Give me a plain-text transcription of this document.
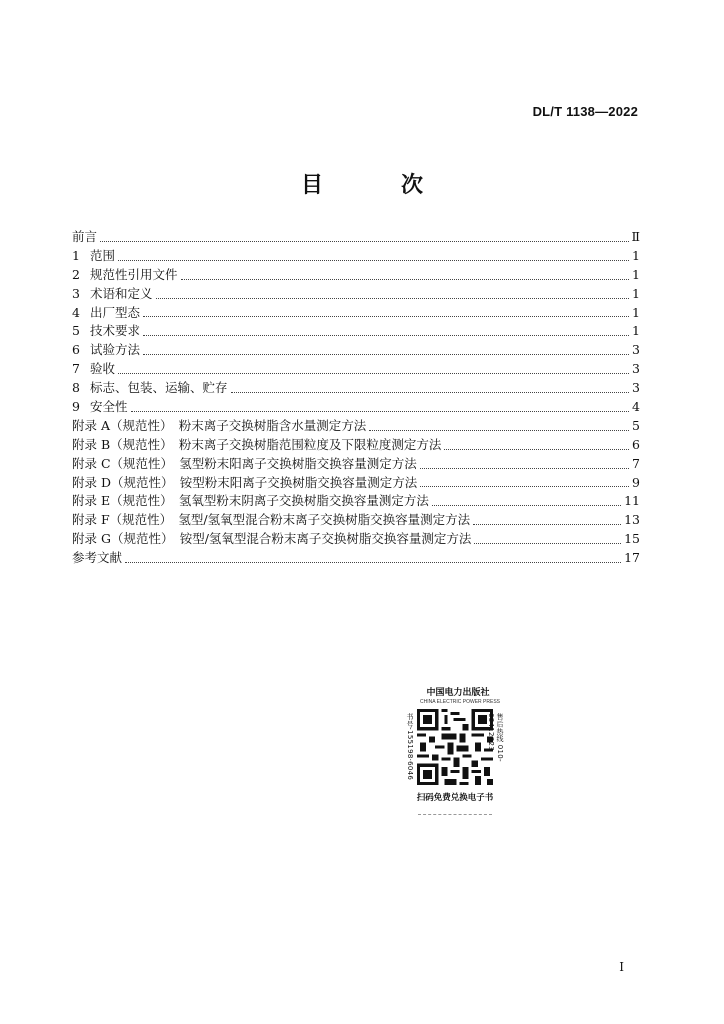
DL/T 1138—2022
目　次
前言	Ⅱ
1 范围	1
2 规范性引用文件	1
3 术语和定义	1
4 出厂型态	1
5 技术要求	1
6 试验方法	3
7 验收	3
8 标志、包装、运输、贮存	3
9 安全性	4
附录 A（规范性）　粉末离子交换树脂含水量测定方法	5
附录 B（规范性）　粉末离子交换树脂范围粒度及下限粒度测定方法	6
附录 C（规范性）　氢型粉末阳离子交换树脂交换容量测定方法	7
附录 D（规范性）　铵型粉末阳离子交换树脂交换容量测定方法	9
附录 E（规范性）　氢氧型粉末阴离子交换树脂交换容量测定方法	11
附录 F（规范性）　氢型/氢氧型混合粉末离子交换树脂交换容量测定方法	13
附录 G（规范性）　铵型/氢氧型混合粉末离子交换树脂交换容量测定方法	15
参考文献	17
中国电力出版社
CHINA ELECTRIC POWER PRESS
书号·155198·6046	售后热线 010-63412323
扫码免费兑换电子书
I
